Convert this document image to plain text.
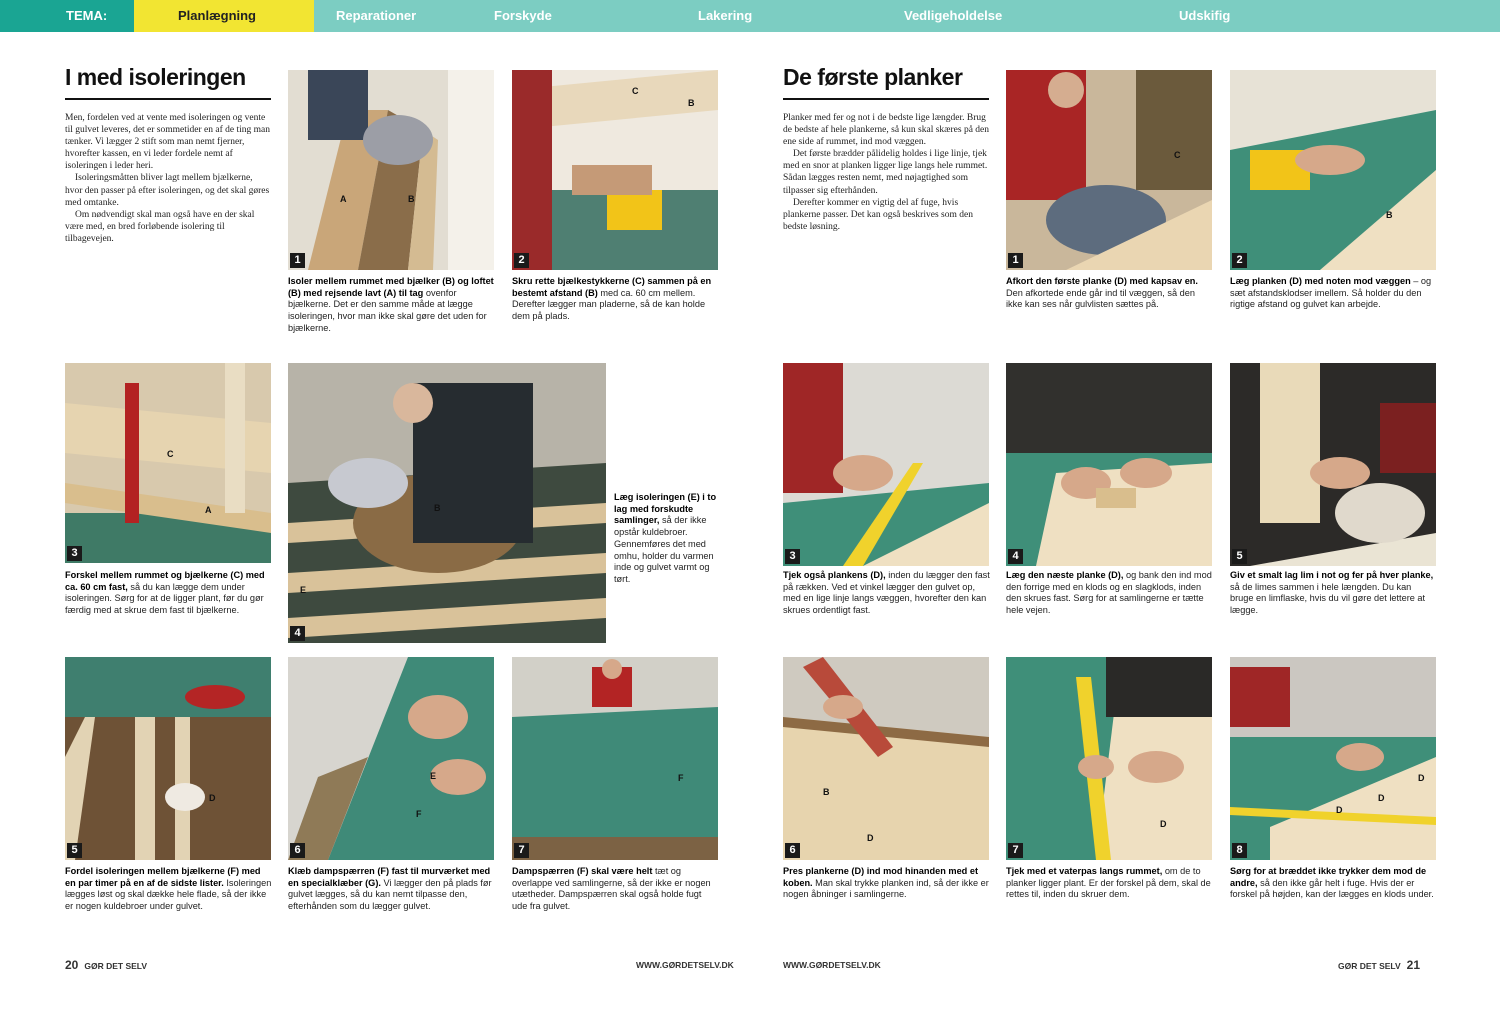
TEMA: GULV
Planlægning	Reparationer	Forskyde	Lakering	Vedligeholdelse	Udskifig
I med isoleringen

Men, fordelen ved at vente med isoleringen og vente til gulvet leveres, det er sommetider en af de ting man tænker. Vi lægger 2 stift som man nemt fjerner, hvorefter kassen, en vi leder fordele nemt af isoleringen i leder heri.

Isoleringsmåtten bliver lagt mellem bjælkerne, hvor den passer på efter isoleringen, og det skal gøres med omtanke.

Om nødvendigt skal man også have en der skal være med, en bred forløbende isolering til tilbagevejen.

1
A	B
Isoler mellem rummet med bjælker (B) og loftet (B) med rejsende lavt (A) til tag ovenfor bjælkerne. Det er den samme måde at lægge isoleringen, hvor man ikke skal gøre det uden for bjælkerne.
2
C
B
Skru rette bjælkestykkerne (C) sammen på en bestemt afstand (B) med ca. 60 cm mellem. Derefter lægger man pladerne, så de kan holde dem på plads.
3
C
A
Forskel mellem rummet og bjælkerne (C) med ca. 60 cm fast, så du kan lægge dem under isoleringen. Sørg for at de ligger plant, før du gør færdig med at skrue dem fast til bjælkerne.
4
B
E
Læg isoleringen (E) i to lag med forskudte samlinger, så der ikke opstår kuldebroer. Gennemføres det med omhu, holder du varmen inde og gulvet varmt og tørt.
5
D
Fordel isoleringen mellem bjælkerne (F) med en par timer på en af de sidste lister. Isoleringen lægges løst og skal dække hele flade, så der ikke er nogen kuldebroer under gulvet.
6
E
F
Klæb dampspærren (F) fast til murværket med en specialklæber (G). Vi lægger den på plads før gulvet lægges, så du kan nemt tilpasse den, efterhånden som du lægger gulvet.
7
F
Dampspærren (F) skal være helt tæt og overlappe ved samlingerne, så der ikke er nogen utætheder. Dampspærren skal også holde fugt ude fra gulvet.
20 GØR DET SELV	WWW.GØRDETSELV.DK
De første planker

Planker med fer og not i de bedste lige længder. Brug de bedste af hele plankerne, så kun skal skæres på den ene side af rummet, ind mod væggen.

Det første brædder pålidelig holdes i lige linje, tjek med en snor at planken ligger lige langs hele rummet. Sådan lægges resten nemt, med nøjagtighed som tilpasser sig efterhånden.

Derefter kommer en vigtig del af fuge, hvis plankerne passer. Det kan også beskrives som den bedste løsning.

1
C
Afkort den første planke (D) med kapsav en. Den afkortede ende går ind til væggen, så den ikke kan ses når gulvlisten sættes på.
2
B
Læg planken (D) med noten mod væggen – og sæt afstandsklodser imellem. Så holder du den rigtige afstand og gulvet kan arbejde.
3
Tjek også plankens (D), inden du lægger den fast på rækken. Ved et vinkel lægger den gulvet op, med en lige linje langs væggen, hvorefter den kan skrues ordentligt fast.
4
Læg den næste planke (D), og bank den ind mod den forrige med en klods og en slagklods, inden den skrues fast. Sørg for at samlingerne er tætte hele vejen.
5
Giv et smalt lag lim i not og fer på hver planke, så de limes sammen i hele længden. Du kan bruge en limflaske, hvis du vil gøre det lettere at lægge.
6
B
D
Pres plankerne (D) ind mod hinanden med et koben. Man skal trykke planken ind, så der ikke er nogen åbninger i samlingerne.
7
D
Tjek med et vaterpas langs rummet, om de to planker ligger plant. Er der forskel på dem, skal de rettes til, inden du skruer dem.
8
D
D
D
Sørg for at bræddet ikke trykker dem mod de andre, så den ikke går helt i fuge. Hvis der er forskel på højden, kan der lægges en klods under.
WWW.GØRDETSELV.DK	GØR DET SELV 21
